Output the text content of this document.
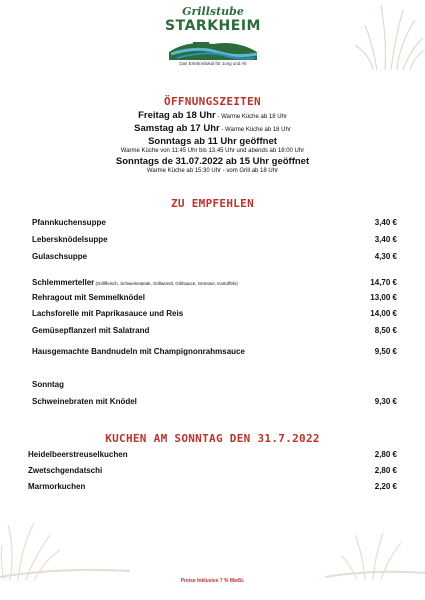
Grillstube
STARKHEIM
Das Erlebnislokal für Jung und Alt
ÖFFNUNGSZEITEN
Freitag ab 18 Uhr - Warme Küche ab 18 Uhr
Samstag ab 17 Uhr - Warme Küche ab 18 Uhr
Sonntags ab 11 Uhr geöffnet
Warme Küche von 11:45 Uhr bis 13.45 Uhr und abends ab 18:00 Uhr
Sonntags de 31.07.2022 ab 15 Uhr geöffnet
Warme Küche ab 15:30 Uhr - vom Grill ab 18 Uhr
ZU EMPFEHLEN
Pfannkuchensuppe	3,40 €
Lebersknödelsuppe	3,40 €
Gulaschsuppe	4,30 €
Schlemmerteller (Grillfleisch, Schweinesteak, Grillwürstl, Grillsauce, Gemüse, Kartoffels)	14,70 €
Rehragout mit Semmelknödel	13,00 €
Lachsforelle mit Paprikasauce und Reis	14,00 €
Gemüsepflanzerl mit Salatrand	8,50 €
Hausgemachte Bandnudeln mit Champignonrahmsauce	9,50 €
Sonntag
Schweinebraten mit Knödel	9,30 €
KUCHEN AM SONNTAG DEN 31.7.2022
Heidelbeerstreuselkuchen	2,80 €
Zwetschgendatschi	2,80 €
Marmorkuchen	2,20 €
Preise Inklusive 7 % MwSt.
